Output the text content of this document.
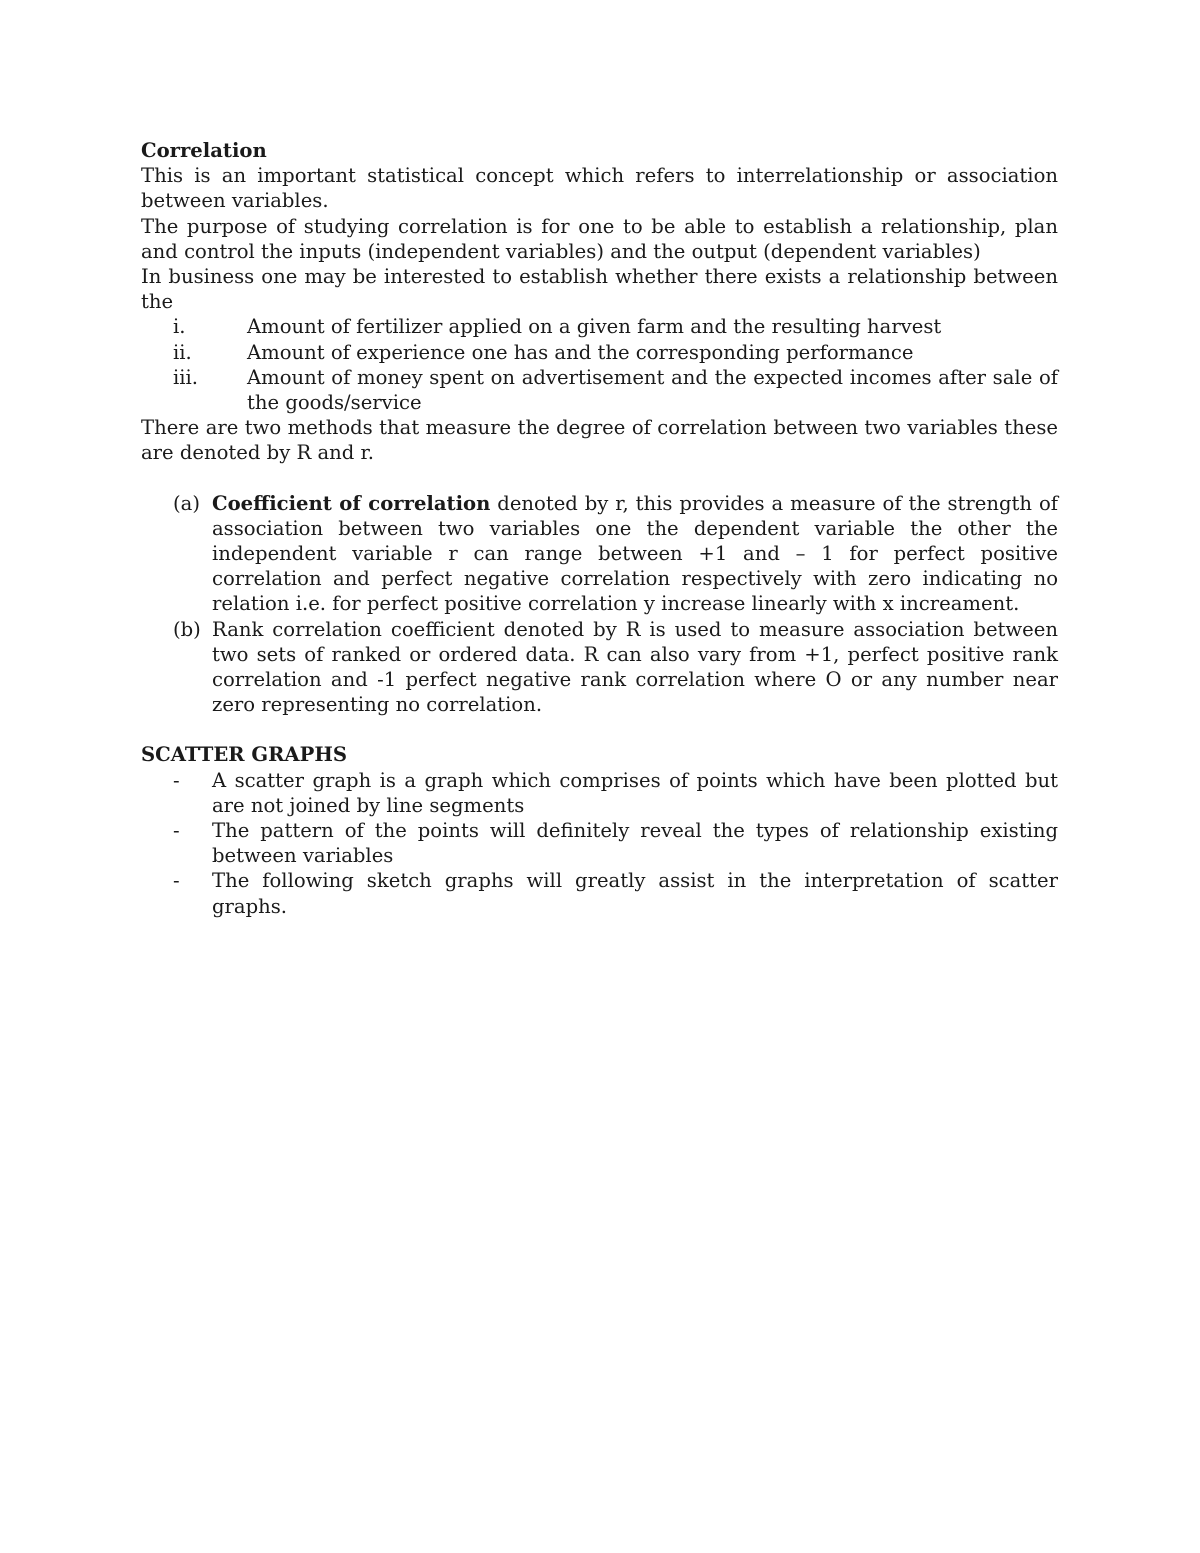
Correlation

This is an important statistical concept which refers to interrelationship or association between variables.

The purpose of studying correlation is for one to be able to establish a relationship, plan and control the inputs (independent variables) and the output (dependent variables)

In business one may be interested to establish whether there exists a relationship between the

i.	Amount of fertilizer applied on a given farm and the resulting harvest
ii.	Amount of experience one has and the corresponding performance
iii.	Amount of money spent on advertisement and the expected incomes after sale of the goods/service

There are two methods that measure the degree of correlation between two variables these are denoted by R and r.

(a) Coefficient of correlation denoted by r, this provides a measure of the strength of association between two variables one the dependent variable the other the independent variable r can range between +1 and – 1 for perfect positive correlation and perfect negative correlation respectively with zero indicating no relation i.e. for perfect positive correlation y increase linearly with x increament.
(b) Rank correlation coefficient denoted by R is used to measure association between two sets of ranked or ordered data. R can also vary from +1, perfect positive rank correlation and -1 perfect negative rank correlation where O or any number near zero representing no correlation.

SCATTER GRAPHS

-	A scatter graph is a graph which comprises of points which have been plotted but are not joined by line segments
-	The pattern of the points will definitely reveal the types of relationship existing between variables
-	The following sketch graphs will greatly assist in the interpretation of scatter graphs.
